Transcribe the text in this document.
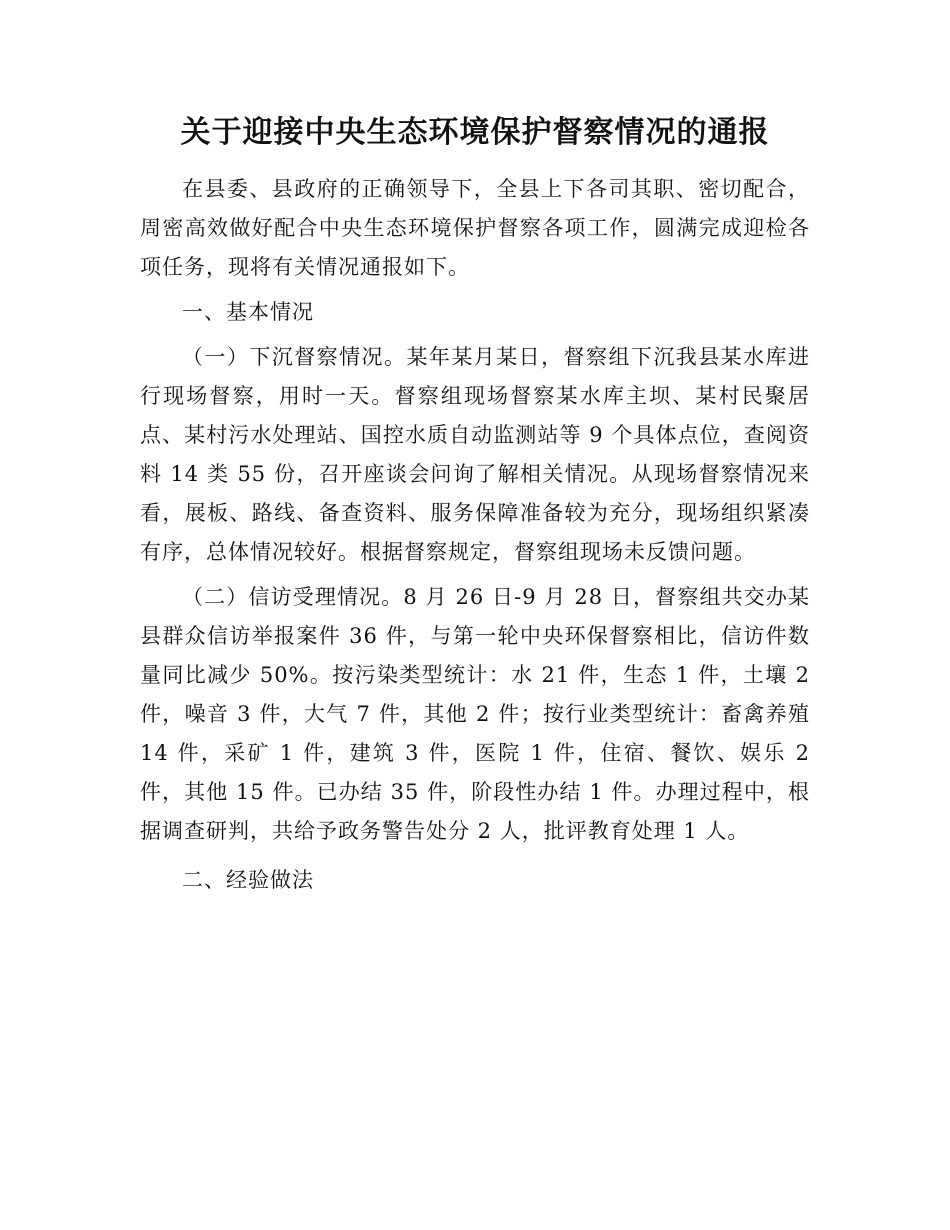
关于迎接中央生态环境保护督察情况的通报

在县委、县政府的正确领导下，全县上下各司其职、密切配合，周密高效做好配合中央生态环境保护督察各项工作，圆满完成迎检各项任务，现将有关情况通报如下。

一、基本情况

（一）下沉督察情况。某年某月某日，督察组下沉我县某水库进行现场督察，用时一天。督察组现场督察某水库主坝、某村民聚居点、某村污水处理站、国控水质自动监测站等 9 个具体点位，查阅资料 14 类 55 份，召开座谈会问询了解相关情况。从现场督察情况来看，展板、路线、备查资料、服务保障准备较为充分，现场组织紧凑有序，总体情况较好。根据督察规定，督察组现场未反馈问题。

（二）信访受理情况。8 月 26 日-9 月 28 日，督察组共交办某县群众信访举报案件 36 件，与第一轮中央环保督察相比，信访件数量同比减少 50%。按污染类型统计：水 21 件，生态 1 件，土壤 2 件，噪音 3 件，大气 7 件，其他 2 件；按行业类型统计：畜禽养殖 14 件，采矿 1 件，建筑 3 件，医院 1 件，住宿、餐饮、娱乐 2 件，其他 15 件。已办结 35 件，阶段性办结 1 件。办理过程中，根据调查研判，共给予政务警告处分 2 人，批评教育处理 1 人。

二、经验做法
